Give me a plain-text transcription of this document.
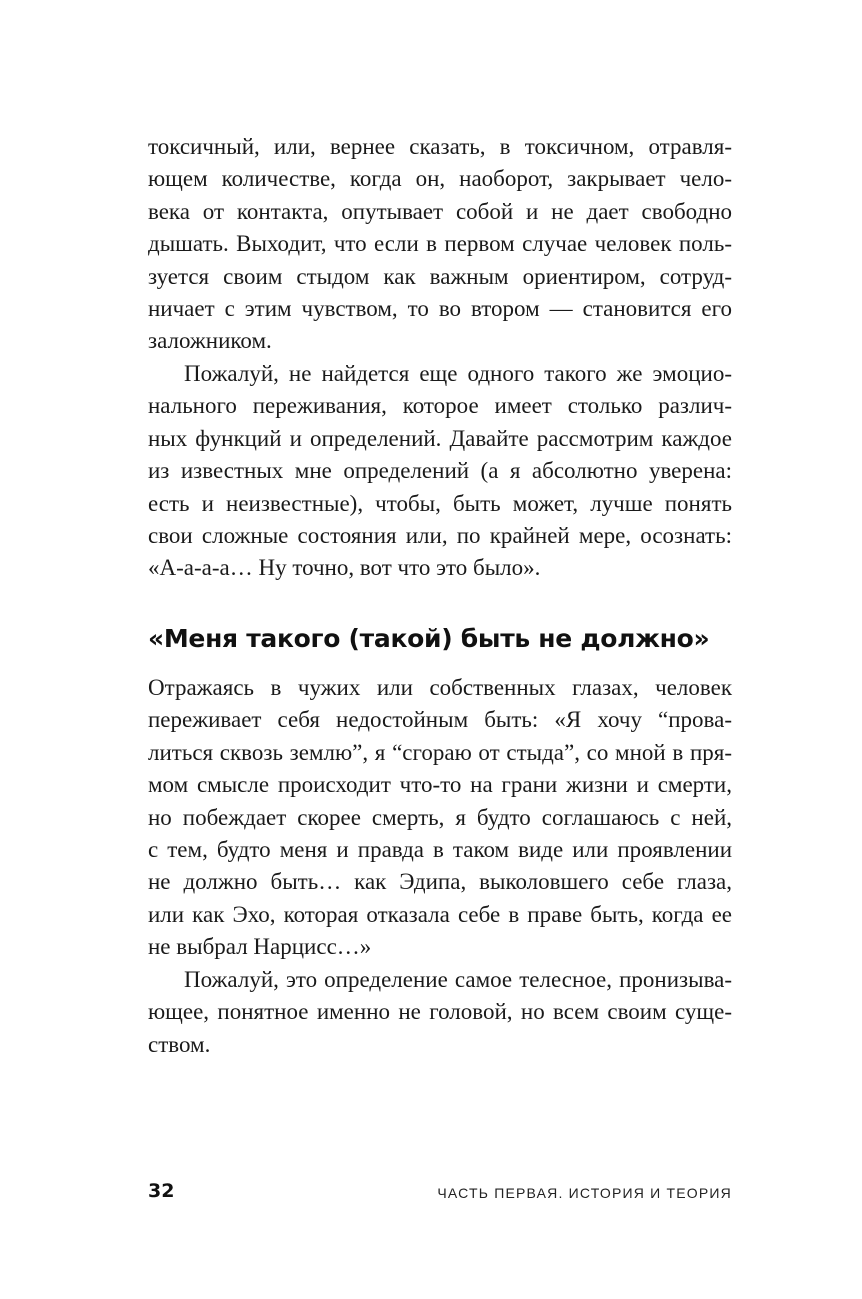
токсичный, или, вернее сказать, в токсичном, отравля-
ющем количестве, когда он, наоборот, закрывает чело-
века от контакта, опутывает собой и не дает свободно
дышать. Выходит, что если в первом случае человек поль-
зуется своим стыдом как важным ориентиром, сотруд-
ничает с этим чувством, то во втором — становится его
заложником.
Пожалуй, не найдется еще одного такого же эмоцио-
нального переживания, которое имеет столько различ-
ных функций и определений. Давайте рассмотрим каждое
из известных мне определений (а я абсолютно уверена:
есть и неизвестные), чтобы, быть может, лучше понять
свои сложные состояния или, по крайней мере, осознать:
«А-а-а-а… Ну точно, вот что это было».
«Меня такого (такой) быть не должно»
Отражаясь в чужих или собственных глазах, человек
переживает себя недостойным быть: «Я хочу “прова-
литься сквозь землю”, я “сгораю от стыда”, со мной в пря-
мом смысле происходит что-то на грани жизни и смерти,
но побеждает скорее смерть, я будто соглашаюсь с ней,
с тем, будто меня и правда в таком виде или проявлении
не должно быть… как Эдипа, выколовшего себе глаза,
или как Эхо, которая отказала себе в праве быть, когда ее
не выбрал Нарцисс…»
Пожалуй, это определение самое телесное, пронизыва-
ющее, понятное именно не головой, но всем своим суще-
ством.
32	ЧАСТЬ ПЕРВАЯ. ИСТОРИЯ И ТЕОРИЯ
